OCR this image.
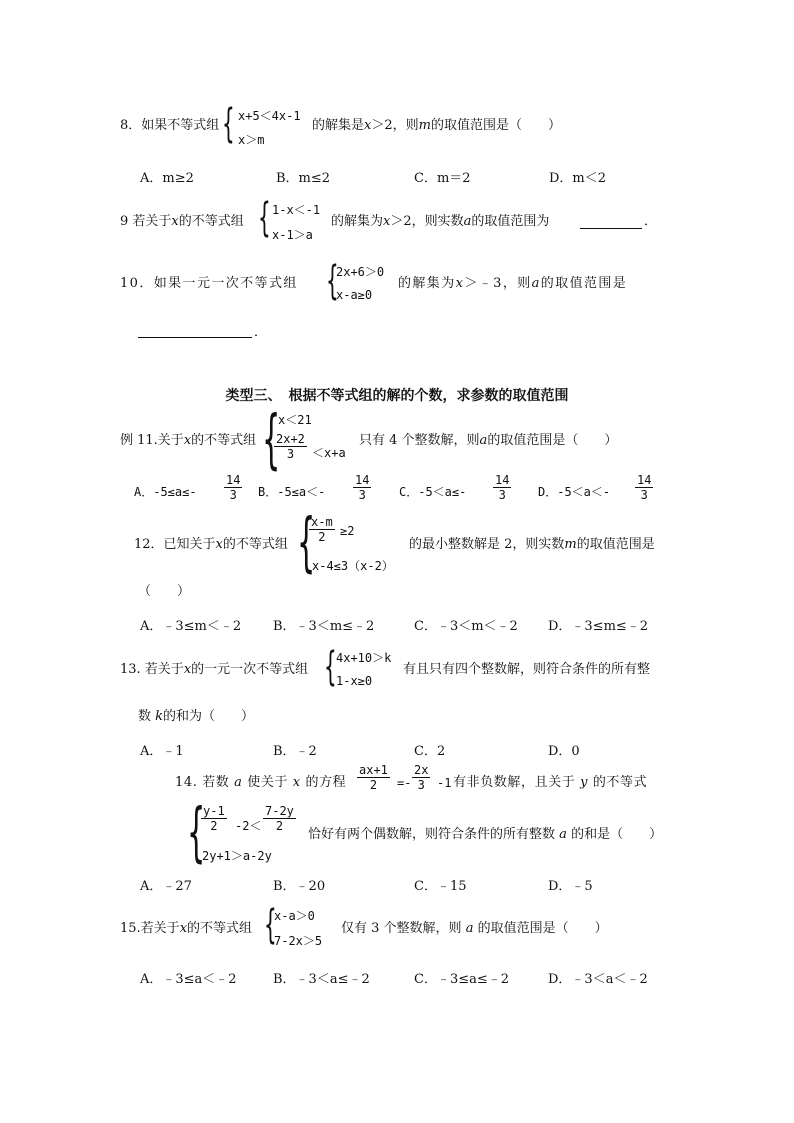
8．如果不等式组 { x+5＜4x-1
x＞m
的解集是x＞2，则m的取值范围是（　　）
A．m≥2	B．m≤2	C．m＝2	D．m＜2
9 若关于x的不等式组 { 1-x＜-1
x-1＞a
的解集为x＞2，则实数a的取值范围为	．
10．如果一元一次不等式组 {
2x+6＞0
x-a≥0
的解集为x＞﹣3，则a的取值范围是
．
类型三、　根据不等式组的解的个数，求参数的取值范围
例 11.关于x的不等式组 {
x＜21
$\frac{2x+2}{3} <x+a$
只有 4 个整数解，则a的取值范围是（　　）
A．$-5\le a\le- \frac{14}{3}$ B．$-5\le a<- \frac{14}{3}$ C．$-5<a\le- \frac{14}{3}$ D．$-5<a<- \frac{14}{3}$
12．已知关于x的不等式组 {
$\frac{x-m}{2} \ge 2$
x-4≤3（x-2）
的最小整数解是 2，则实数m的取值范围是
（　　）
A．﹣3≤m＜﹣2 B．﹣3＜m≤﹣2	C．﹣3＜m＜﹣2 D．﹣3≤m≤﹣2
13. 若关于x的一元一次不等式组 { 4x+10＞k
1-x≥0
有且只有四个整数解，则符合条件的所有整
数 k的和为（　　）
A．﹣1	B．﹣2	C．2	D．0
14. 若数 a 使关于 x 的方程 $\frac{ax+1}{2} =- \frac{2x}{3} -1$ 有非负数解，且关于 y 的不等式
{
$\frac{y-1}{2} -2< \frac{7-2y}{2}$
2y+1＞a-2y
恰好有两个偶数解，则符合条件的所有整数 a 的和是（　　）
A．﹣27	B．﹣20	C．﹣15	D．﹣5
15.若关于x的不等式组 {
x-a＞0
7-2x＞5
仅有 3 个整数解，则 a 的取值范围是（　　）
A．﹣3≤a＜﹣2	B．﹣3＜a≤﹣2	C．﹣3≤a≤﹣2	D．﹣3＜a＜﹣2
